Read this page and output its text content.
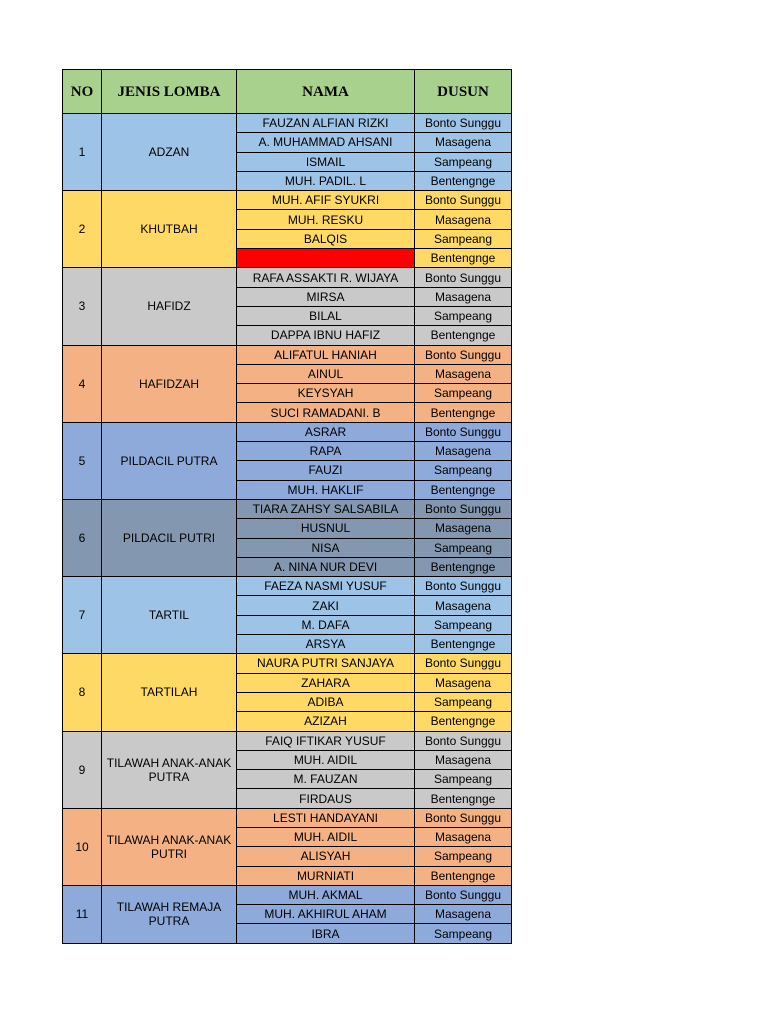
NO	JENIS LOMBA	NAMA	DUSUN
1	ADZAN	FAUZAN ALFIAN RIZKI	Bonto Sunggu
		A. MUHAMMAD AHSANI	Masagena
		ISMAIL	Sampeang
		MUH. PADIL. L	Bentengnge
2	KHUTBAH	MUH. AFIF SYUKRI	Bonto Sunggu
		MUH. RESKU	Masagena
		BALQIS	Sampeang
			Bentengnge
3	HAFIDZ	RAFA ASSAKTI R. WIJAYA	Bonto Sunggu
		MIRSA	Masagena
		BILAL	Sampeang
		DAPPA IBNU HAFIZ	Bentengnge
4	HAFIDZAH	ALIFATUL HANIAH	Bonto Sunggu
		AINUL	Masagena
		KEYSYAH	Sampeang
		SUCI RAMADANI. B	Bentengnge
5	PILDACIL PUTRA	ASRAR	Bonto Sunggu
		RAPA	Masagena
		FAUZI	Sampeang
		MUH. HAKLIF	Bentengnge
6	PILDACIL PUTRI	TIARA ZAHSY SALSABILA	Bonto Sunggu
		HUSNUL	Masagena
		NISA	Sampeang
		A. NINA NUR DEVI	Bentengnge
7	TARTIL	FAEZA NASMI YUSUF	Bonto Sunggu
		ZAKI	Masagena
		M. DAFA	Sampeang
		ARSYA	Bentengnge
8	TARTILAH	NAURA PUTRI SANJAYA	Bonto Sunggu
		ZAHARA	Masagena
		ADIBA	Sampeang
		AZIZAH	Bentengnge
9	TILAWAH ANAK-ANAK PUTRA	FAIQ IFTIKAR YUSUF	Bonto Sunggu
		MUH. AIDIL	Masagena
		M. FAUZAN	Sampeang
		FIRDAUS	Bentengnge
10	TILAWAH ANAK-ANAK PUTRI	LESTI HANDAYANI	Bonto Sunggu
		MUH. AIDIL	Masagena
		ALISYAH	Sampeang
		MURNIATI	Bentengnge
11	TILAWAH REMAJA PUTRA	MUH. AKMAL	Bonto Sunggu
		MUH. AKHIRUL AHAM	Masagena
		IBRA	Sampeang
